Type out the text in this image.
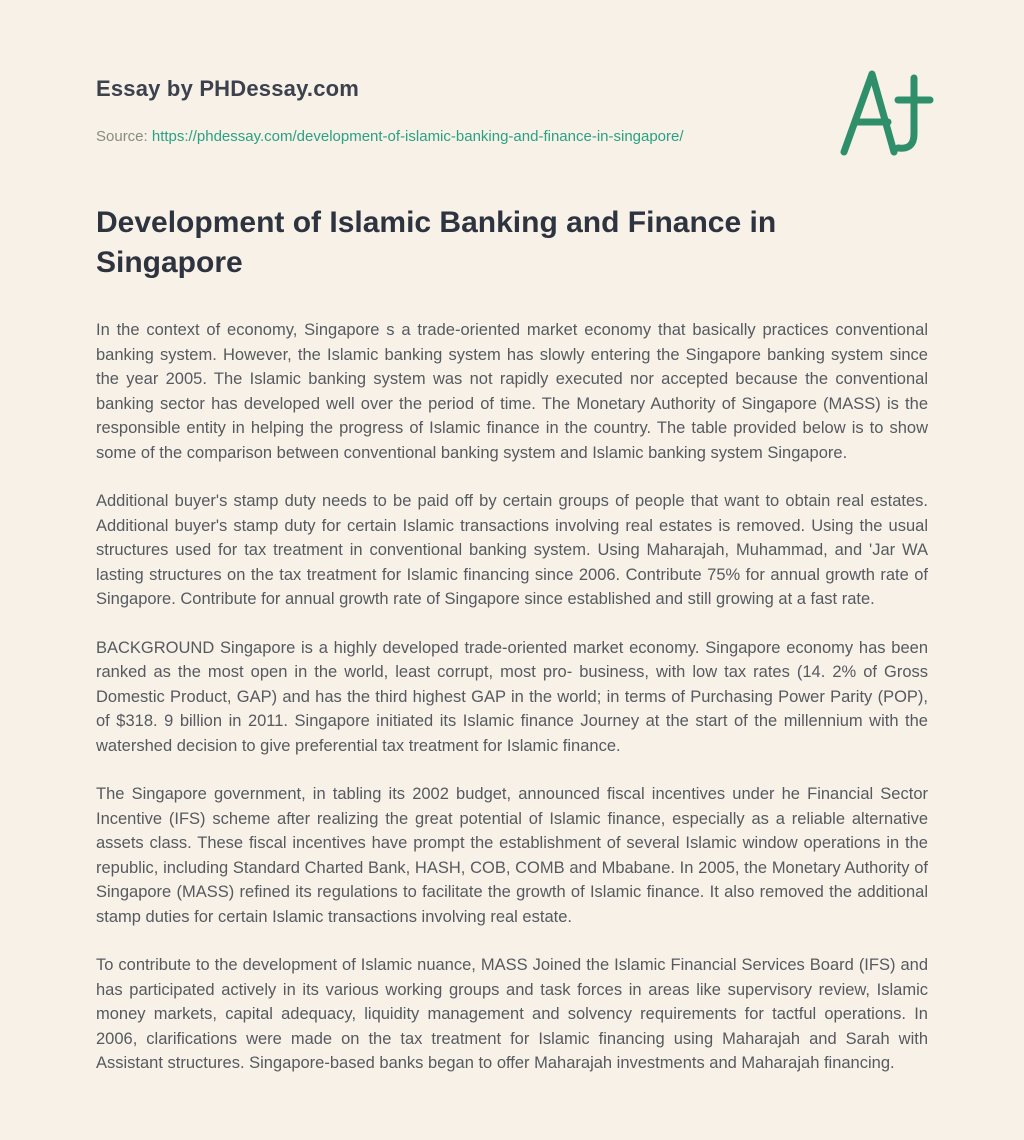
Essay by PHDessay.com
Source: https://phdessay.com/development-of-islamic-banking-and-finance-in-singapore/
Development of Islamic Banking and Finance in Singapore

In the context of economy, Singapore s a trade-oriented market economy that basically practices conventional banking system. However, the Islamic banking system has slowly entering the Singapore banking system since the year 2005. The Islamic banking system was not rapidly executed nor accepted because the conventional banking sector has developed well over the period of time. The Monetary Authority of Singapore (MASS) is the responsible entity in helping the progress of Islamic finance in the country. The table provided below is to show some of the comparison between conventional banking system and Islamic banking system Singapore.

Additional buyer's stamp duty needs to be paid off by certain groups of people that want to obtain real estates. Additional buyer's stamp duty for certain Islamic transactions involving real estates is removed. Using the usual structures used for tax treatment in conventional banking system. Using Maharajah, Muhammad, and 'Jar WA lasting structures on the tax treatment for Islamic financing since 2006. Contribute 75% for annual growth rate of Singapore. Contribute for annual growth rate of Singapore since established and still growing at a fast rate.

BACKGROUND Singapore is a highly developed trade-oriented market economy. Singapore economy has been ranked as the most open in the world, least corrupt, most pro- business, with low tax rates (14. 2% of Gross Domestic Product, GAP) and has the third highest GAP in the world; in terms of Purchasing Power Parity (POP), of $318. 9 billion in 2011. Singapore initiated its Islamic finance Journey at the start of the millennium with the watershed decision to give preferential tax treatment for Islamic finance.

The Singapore government, in tabling its 2002 budget, announced fiscal incentives under he Financial Sector Incentive (IFS) scheme after realizing the great potential of Islamic finance, especially as a reliable alternative assets class. These fiscal incentives have prompt the establishment of several Islamic window operations in the republic, including Standard Charted Bank, HASH, COB, COMB and Mbabane. In 2005, the Monetary Authority of Singapore (MASS) refined its regulations to facilitate the growth of Islamic finance. It also removed the additional stamp duties for certain Islamic transactions involving real estate.

To contribute to the development of Islamic nuance, MASS Joined the Islamic Financial Services Board (IFS) and has participated actively in its various working groups and task forces in areas like supervisory review, Islamic money markets, capital adequacy, liquidity management and solvency requirements for tactful operations. In 2006, clarifications were made on the tax treatment for Islamic financing using Maharajah and Sarah with Assistant structures. Singapore-based banks began to offer Maharajah investments and Maharajah financing.
